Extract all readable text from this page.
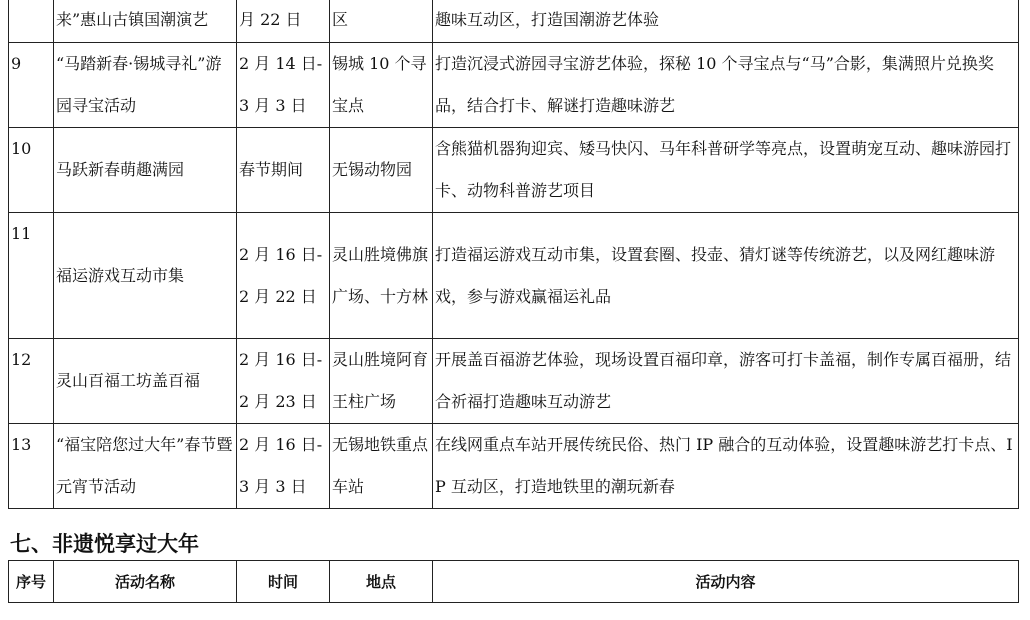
	来”惠山古镇国潮演艺	月 22 日	区	趣味互动区，打造国潮游艺体验
9	“马踏新春·锡城寻礼”游园寻宝活动	2 月 14 日-3 月 3 日	锡城 10 个寻宝点	打造沉浸式游园寻宝游艺体验，探秘 10 个寻宝点与“马”合影，集满照片兑换奖品，结合打卡、解谜打造趣味游艺
10	马跃新春萌趣满园	春节期间	无锡动物园	含熊猫机器狗迎宾、矮马快闪、马年科普研学等亮点，设置萌宠互动、趣味游园打卡、动物科普游艺项目
11	福运游戏互动市集	2 月 16 日-2 月 22 日	灵山胜境佛旗广场、十方林	打造福运游戏互动市集，设置套圈、投壶、猜灯谜等传统游艺，以及网红趣味游戏，参与游戏赢福运礼品
12	灵山百福工坊盖百福	2 月 16 日-2 月 23 日	灵山胜境阿育王柱广场	开展盖百福游艺体验，现场设置百福印章，游客可打卡盖福，制作专属百福册，结合祈福打造趣味互动游艺
13	“福宝陪您过大年”春节暨元宵节活动	2 月 16 日-3 月 3 日	无锡地铁重点车站	在线网重点车站开展传统民俗、热门 IP 融合的互动体验，设置趣味游艺打卡点、IP 互动区，打造地铁里的潮玩新春
七、非遗悦享过大年
序号	活动名称	时间	地点	活动内容
